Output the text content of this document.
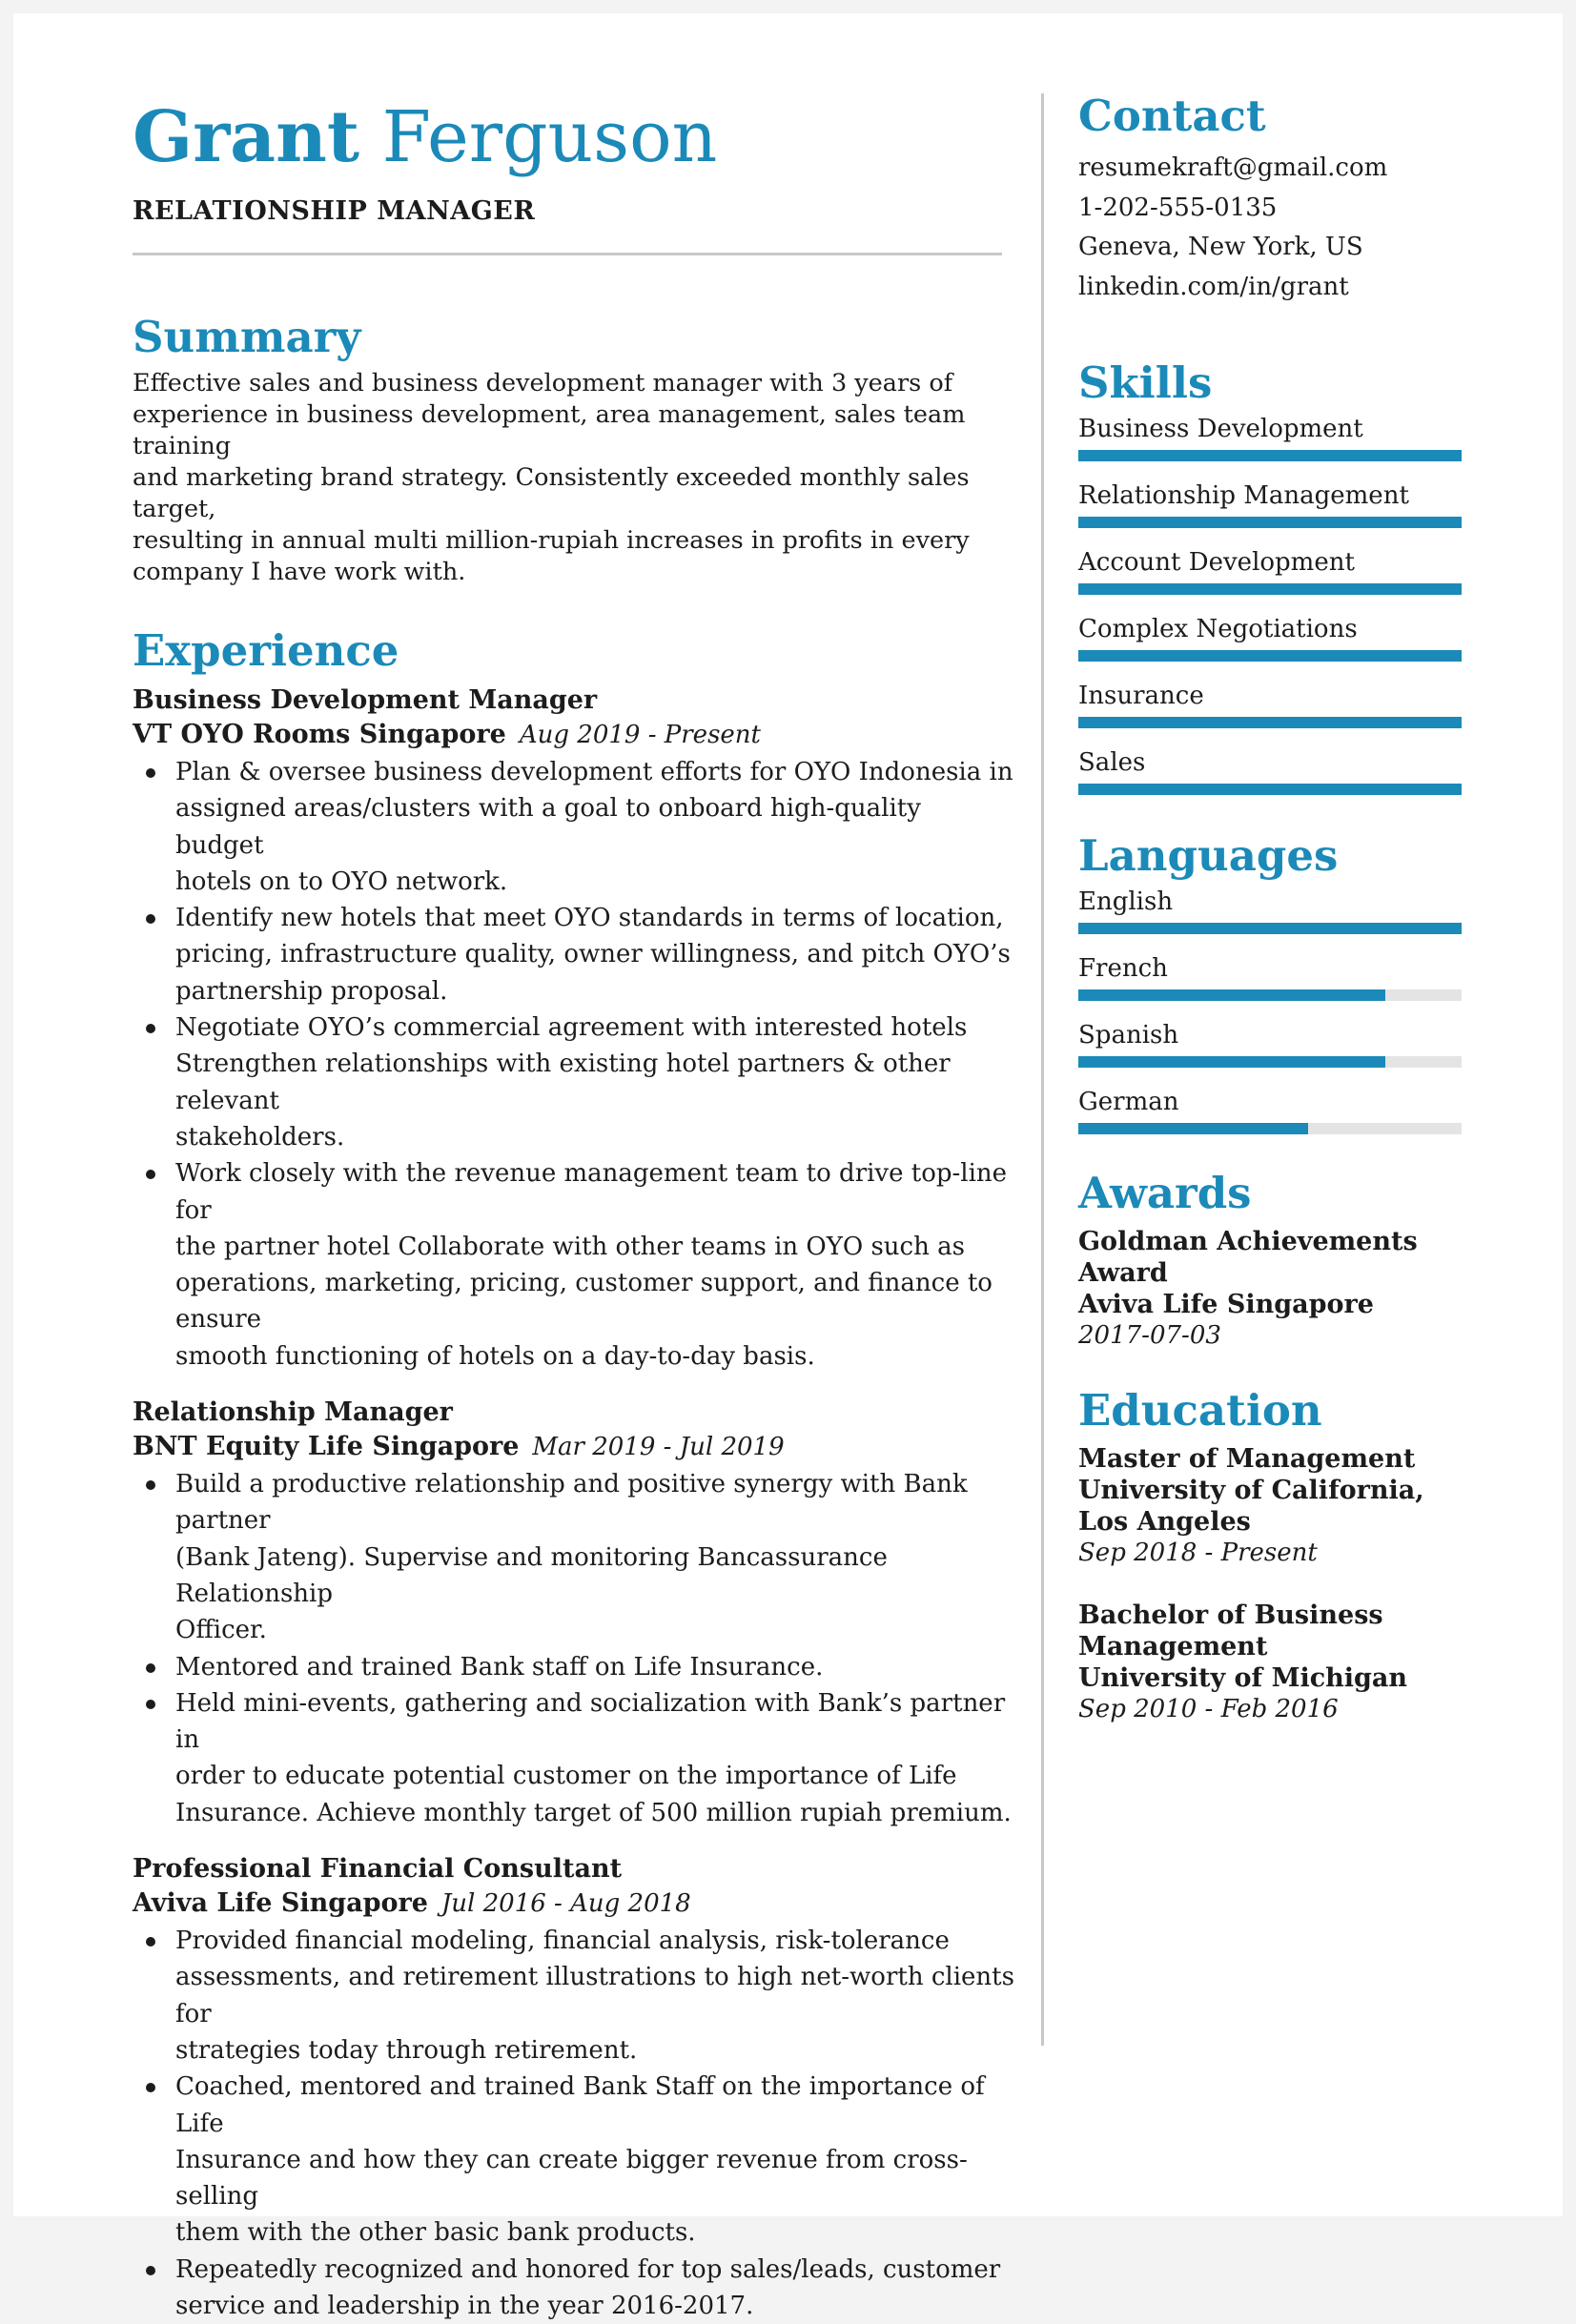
Grant Ferguson
RELATIONSHIP MANAGER
Summary
Effective sales and business development manager with 3 years of
experience in business development, area management, sales team training
and marketing brand strategy. Consistently exceeded monthly sales target,
resulting in annual multi million-rupiah increases in profits in every
company I have work with.
Experience
Business Development Manager
VT OYO Rooms Singapore Aug 2019 - Present
Plan & oversee business development efforts for OYO Indonesia in
assigned areas/clusters with a goal to onboard high-quality budget
hotels on to OYO network.
Identify new hotels that meet OYO standards in terms of location,
pricing, infrastructure quality, owner willingness, and pitch OYO’s
partnership proposal.
Negotiate OYO’s commercial agreement with interested hotels
Strengthen relationships with existing hotel partners & other relevant
stakeholders.
Work closely with the revenue management team to drive top-line for
the partner hotel Collaborate with other teams in OYO such as
operations, marketing, pricing, customer support, and finance to ensure
smooth functioning of hotels on a day-to-day basis.
Relationship Manager
BNT Equity Life Singapore Mar 2019 - Jul 2019
Build a productive relationship and positive synergy with Bank partner
(Bank Jateng). Supervise and monitoring Bancassurance Relationship
Officer.
Mentored and trained Bank staff on Life Insurance.
Held mini-events, gathering and socialization with Bank’s partner in
order to educate potential customer on the importance of Life
Insurance. Achieve monthly target of 500 million rupiah premium.
Professional Financial Consultant
Aviva Life Singapore Jul 2016 - Aug 2018
Provided financial modeling, financial analysis, risk-tolerance
assessments, and retirement illustrations to high net-worth clients for
strategies today through retirement.
Coached, mentored and trained Bank Staff on the importance of Life
Insurance and how they can create bigger revenue from cross-selling
them with the other basic bank products.
Repeatedly recognized and honored for top sales/leads, customer
service and leadership in the year 2016-2017.
Contact
resumekraft@gmail.com
1-202-555-0135
Geneva, New York, US
linkedin.com/in/grant
Skills
Business Development
Relationship Management
Account Development
Complex Negotiations
Insurance
Sales
Languages
English
French
Spanish
German
Awards
Goldman Achievements
Award
Aviva Life Singapore
2017-07-03
Education
Master of Management
University of California,
Los Angeles
Sep 2018 - Present
Bachelor of Business
Management
University of Michigan
Sep 2010 - Feb 2016
